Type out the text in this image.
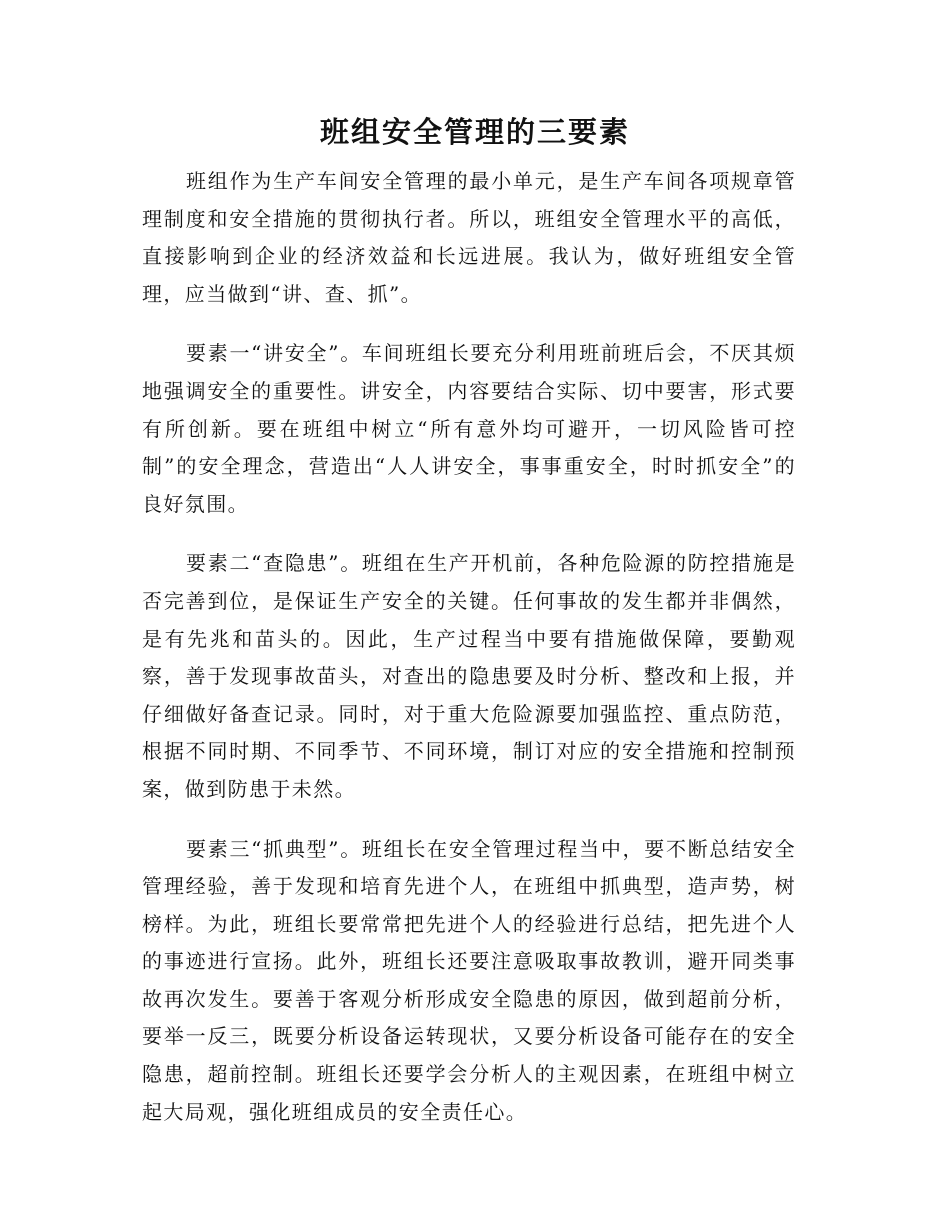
班组安全管理的三要素

班组作为生产车间安全管理的最小单元，是生产车间各项规章管理制度和安全措施的贯彻执行者。所以，班组安全管理水平的高低，直接影响到企业的经济效益和长远进展。我认为，做好班组安全管理，应当做到“讲、查、抓”。

要素一“讲安全”。车间班组长要充分利用班前班后会，不厌其烦地强调安全的重要性。讲安全，内容要结合实际、切中要害，形式要有所创新。要在班组中树立“所有意外均可避开，一切风险皆可控制”的安全理念，营造出“人人讲安全，事事重安全，时时抓安全”的良好氛围。

要素二“查隐患”。班组在生产开机前，各种危险源的防控措施是否完善到位，是保证生产安全的关键。任何事故的发生都并非偶然，是有先兆和苗头的。因此，生产过程当中要有措施做保障，要勤观察，善于发现事故苗头，对查出的隐患要及时分析、整改和上报，并仔细做好备查记录。同时，对于重大危险源要加强监控、重点防范，根据不同时期、不同季节、不同环境，制订对应的安全措施和控制预案，做到防患于未然。

要素三“抓典型”。班组长在安全管理过程当中，要不断总结安全管理经验，善于发现和培育先进个人，在班组中抓典型，造声势，树榜样。为此，班组长要常常把先进个人的经验进行总结，把先进个人的事迹进行宣扬。此外，班组长还要注意吸取事故教训，避开同类事故再次发生。要善于客观分析形成安全隐患的原因，做到超前分析，要举一反三，既要分析设备运转现状，又要分析设备可能存在的安全隐患，超前控制。班组长还要学会分析人的主观因素，在班组中树立起大局观，强化班组成员的安全责任心。
